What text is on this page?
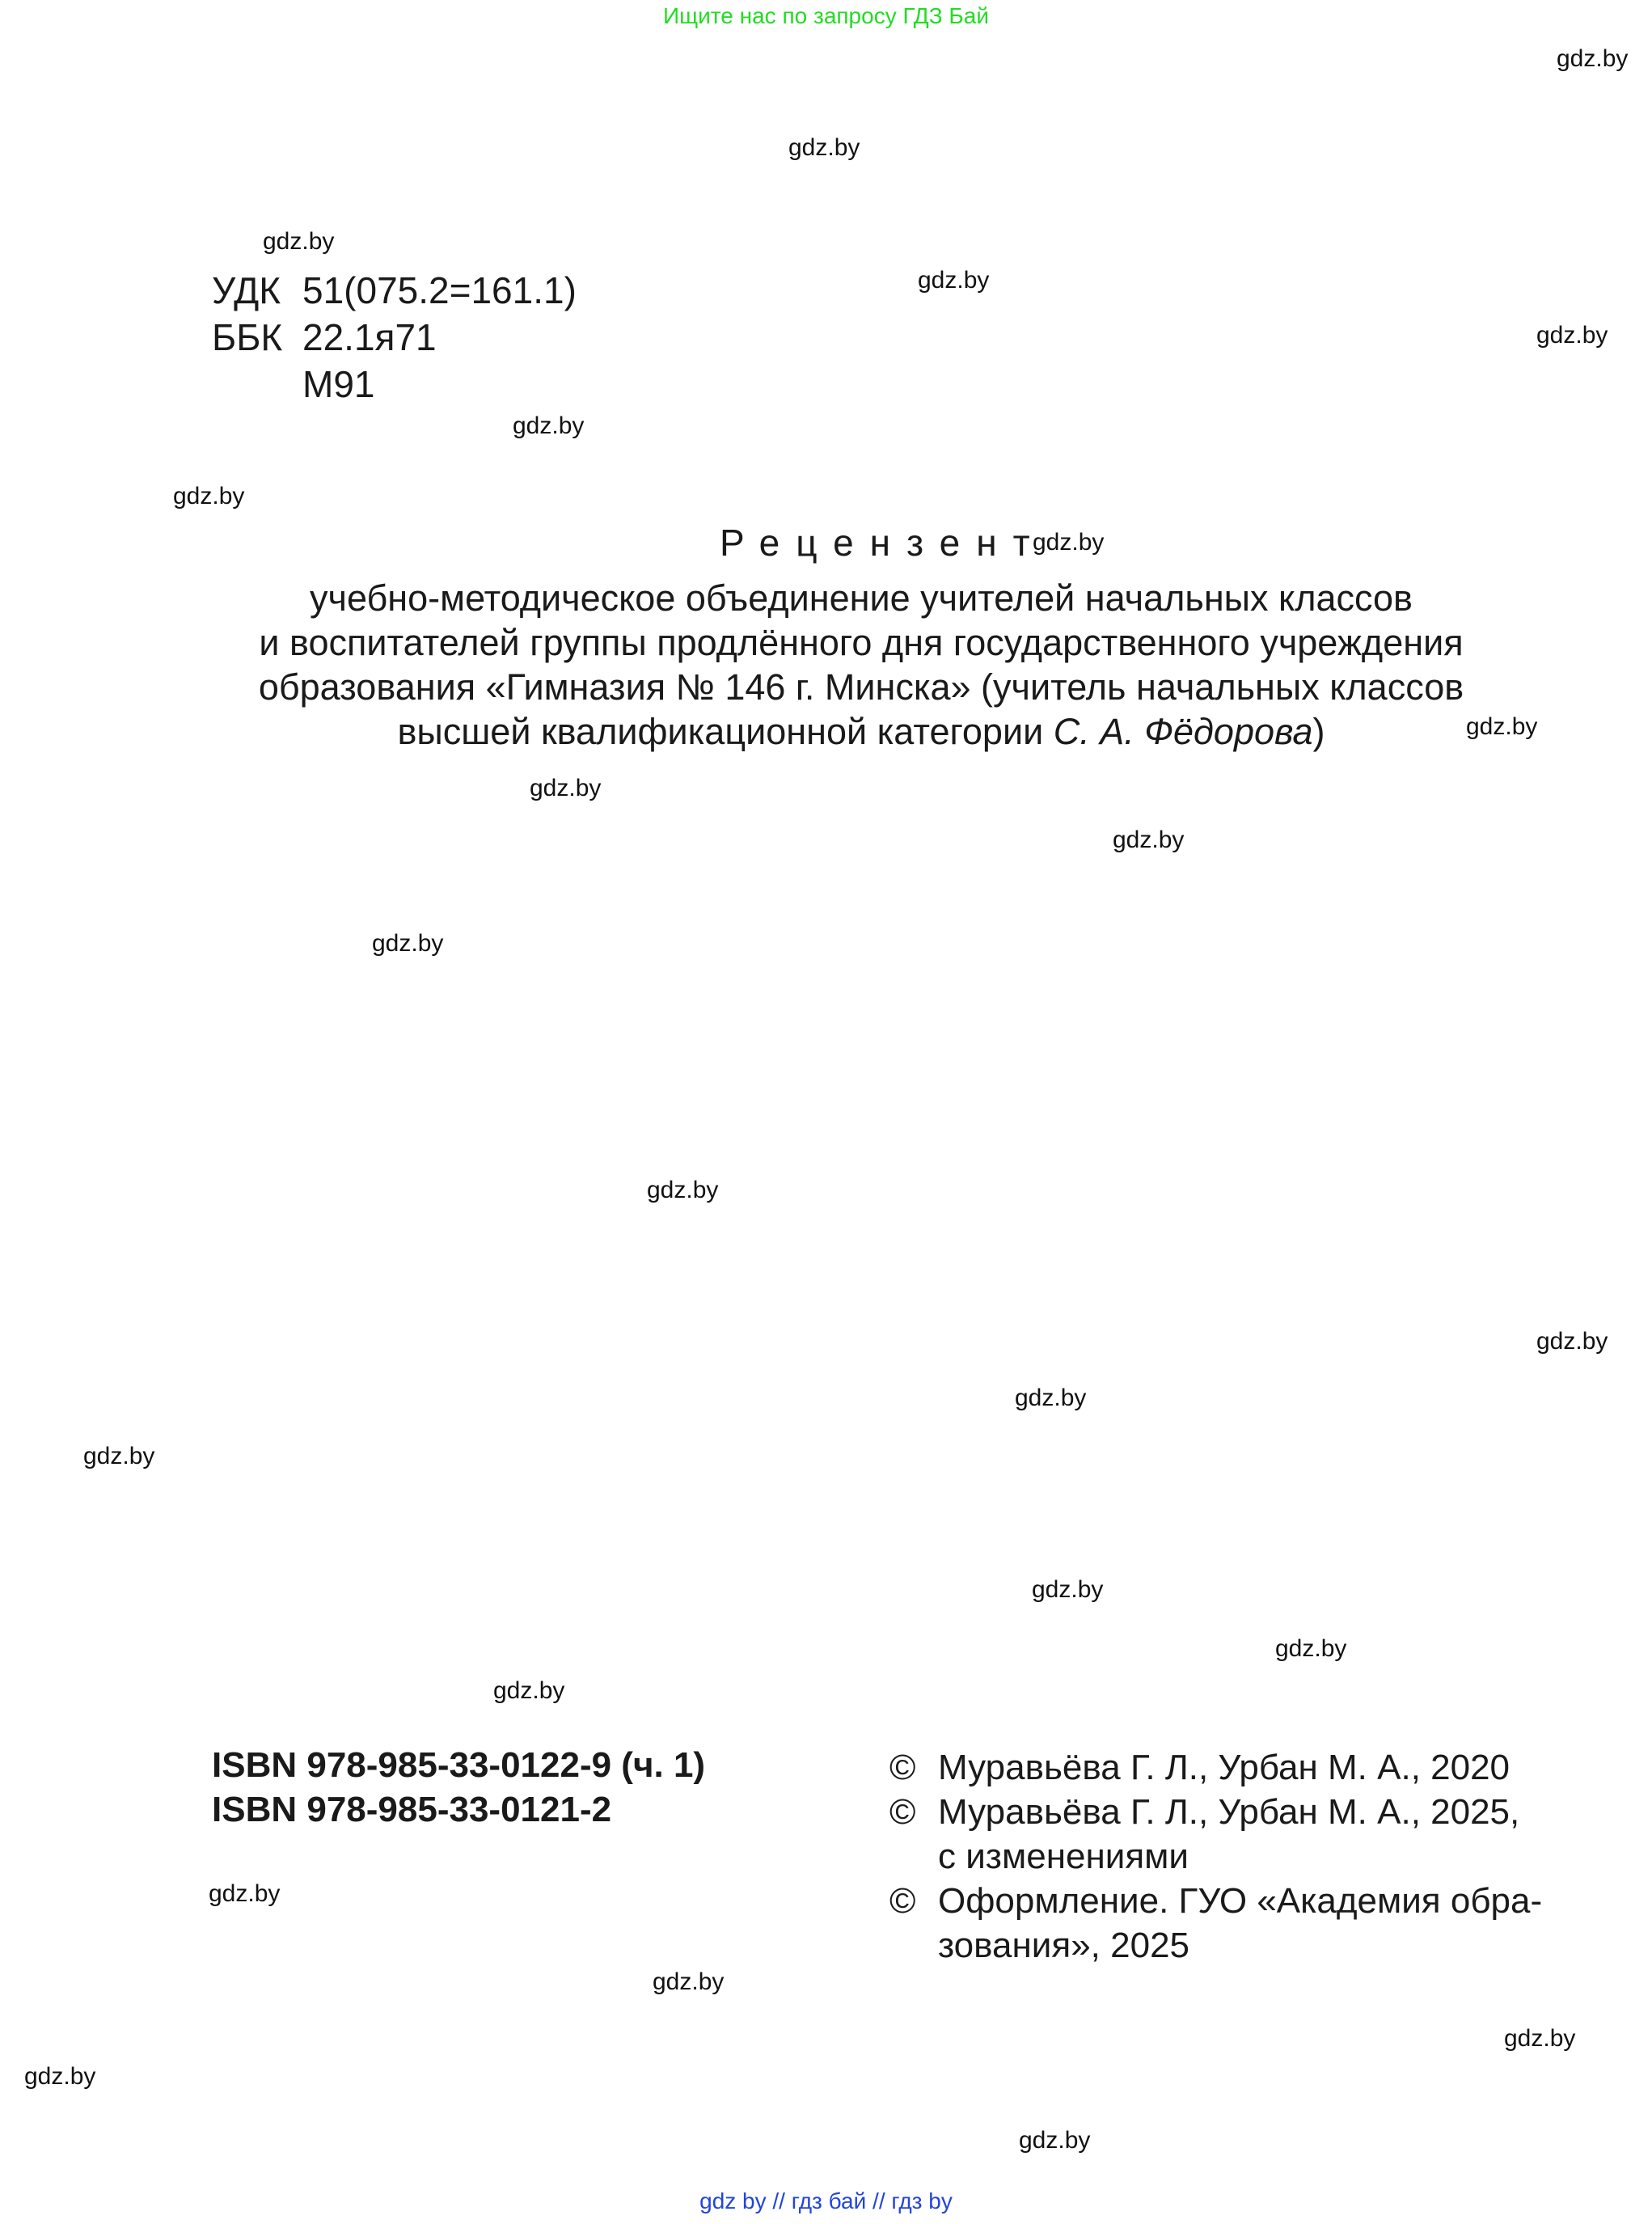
Ищите нас по запросу ГДЗ Бай
gdz.by
gdz.by
gdz.by
gdz.by
gdz.by
gdz.by
gdz.by
gdz.by
gdz.by
gdz.by
gdz.by
gdz.by
gdz.by
gdz.by
gdz.by
gdz.by
gdz.by
gdz.by
gdz.by
gdz.by
gdz.by
gdz.by
gdz.by
gdz.by
УДК 51(075.2=161.1)
ББК 22.1я71
М91
Рецензент
учебно-методическое объединение учителей начальных классов
и воспитателей группы продлённого дня государственного учреждения
образования «Гимназия № 146 г. Минска» (учитель начальных классов
высшей квалификационной категории С. А. Фёдорова)
ISBN 978-985-33-0122-9 (ч. 1)
ISBN 978-985-33-0121-2
© Муравьёва Г. Л., Урбан М. А., 2020
© Муравьёва Г. Л., Урбан М. А., 2025,
с изменениями
© Оформление. ГУО «Академия обра-
зования», 2025
gdz by // гдз бай // гдз by
